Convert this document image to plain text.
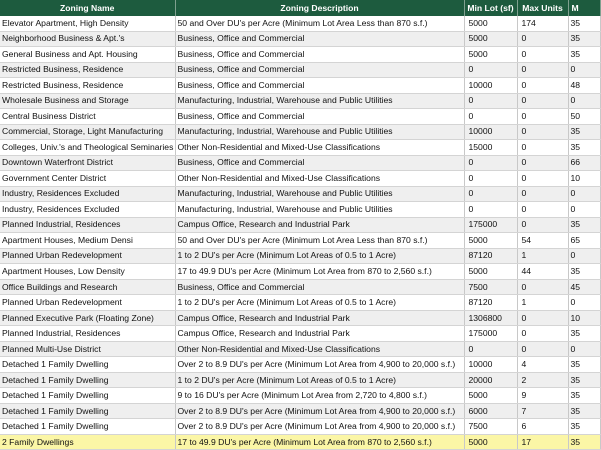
Zoning Name	Zoning Description	Min Lot (sf)	Max Units	M
Elevator Apartment, High Density	50 and Over DU's per Acre (Minimum Lot Area Less than 870 s.f.)	5000	174	35
Neighborhood Business & Apt.'s	Business, Office and Commercial	5000	0	35
General Business and Apt. Housing	Business, Office and Commercial	5000	0	35
Restricted Business, Residence	Business, Office and Commercial	0	0	0
Restricted Business, Residence	Business, Office and Commercial	10000	0	48
Wholesale Business and Storage	Manufacturing, Industrial, Warehouse and Public Utilities	0	0	0
Central Business District	Business, Office and Commercial	0	0	50
Commercial, Storage, Light Manufacturing	Manufacturing, Industrial, Warehouse and Public Utilities	10000	0	35
Colleges, Univ.'s and Theological Seminaries	Other Non-Residential and Mixed-Use Classifications	15000	0	35
Downtown Waterfront District	Business, Office and Commercial	0	0	66
Government Center District	Other Non-Residential and Mixed-Use Classifications	0	0	10
Industry, Residences Excluded	Manufacturing, Industrial, Warehouse and Public Utilities	0	0	0
Industry, Residences Excluded	Manufacturing, Industrial, Warehouse and Public Utilities	0	0	0
Planned Industrial, Residences	Campus Office, Research and Industrial Park	175000	0	35
Apartment Houses, Medium Densi	50 and Over DU's per Acre (Minimum Lot Area Less than 870 s.f.)	5000	54	65
Planned Urban Redevelopment	1 to 2 DU's per Acre (Minimum Lot Areas of 0.5 to 1 Acre)	87120	1	0
Apartment Houses, Low Density	17 to 49.9 DU's per Acre (Minimum Lot Area from 870 to 2,560 s.f.)	5000	44	35
Office Buildings and Research	Business, Office and Commercial	7500	0	45
Planned Urban Redevelopment	1 to 2 DU's per Acre (Minimum Lot Areas of 0.5 to 1 Acre)	87120	1	0
Planned Executive Park (Floating Zone)	Campus Office, Research and Industrial Park	1306800	0	10
Planned Industrial, Residences	Campus Office, Research and Industrial Park	175000	0	35
Planned Multi-Use District	Other Non-Residential and Mixed-Use Classifications	0	0	0
Detached 1 Family Dwelling	Over 2 to 8.9 DU's per Acre (Minimum Lot Area from 4,900 to 20,000 s.f.)	10000	4	35
Detached 1 Family Dwelling	1 to 2 DU's per Acre (Minimum Lot Areas of 0.5 to 1 Acre)	20000	2	35
Detached 1 Family Dwelling	9 to 16 DU's per Acre (Minimum Lot Area from 2,720 to 4,800 s.f.)	5000	9	35
Detached 1 Family Dwelling	Over 2 to 8.9 DU's per Acre (Minimum Lot Area from 4,900 to 20,000 s.f.)	6000	7	35
Detached 1 Family Dwelling	Over 2 to 8.9 DU's per Acre (Minimum Lot Area from 4,900 to 20,000 s.f.)	7500	6	35
2 Family Dwellings	17 to 49.9 DU's per Acre (Minimum Lot Area from 870 to 2,560 s.f.)	5000	17	35
